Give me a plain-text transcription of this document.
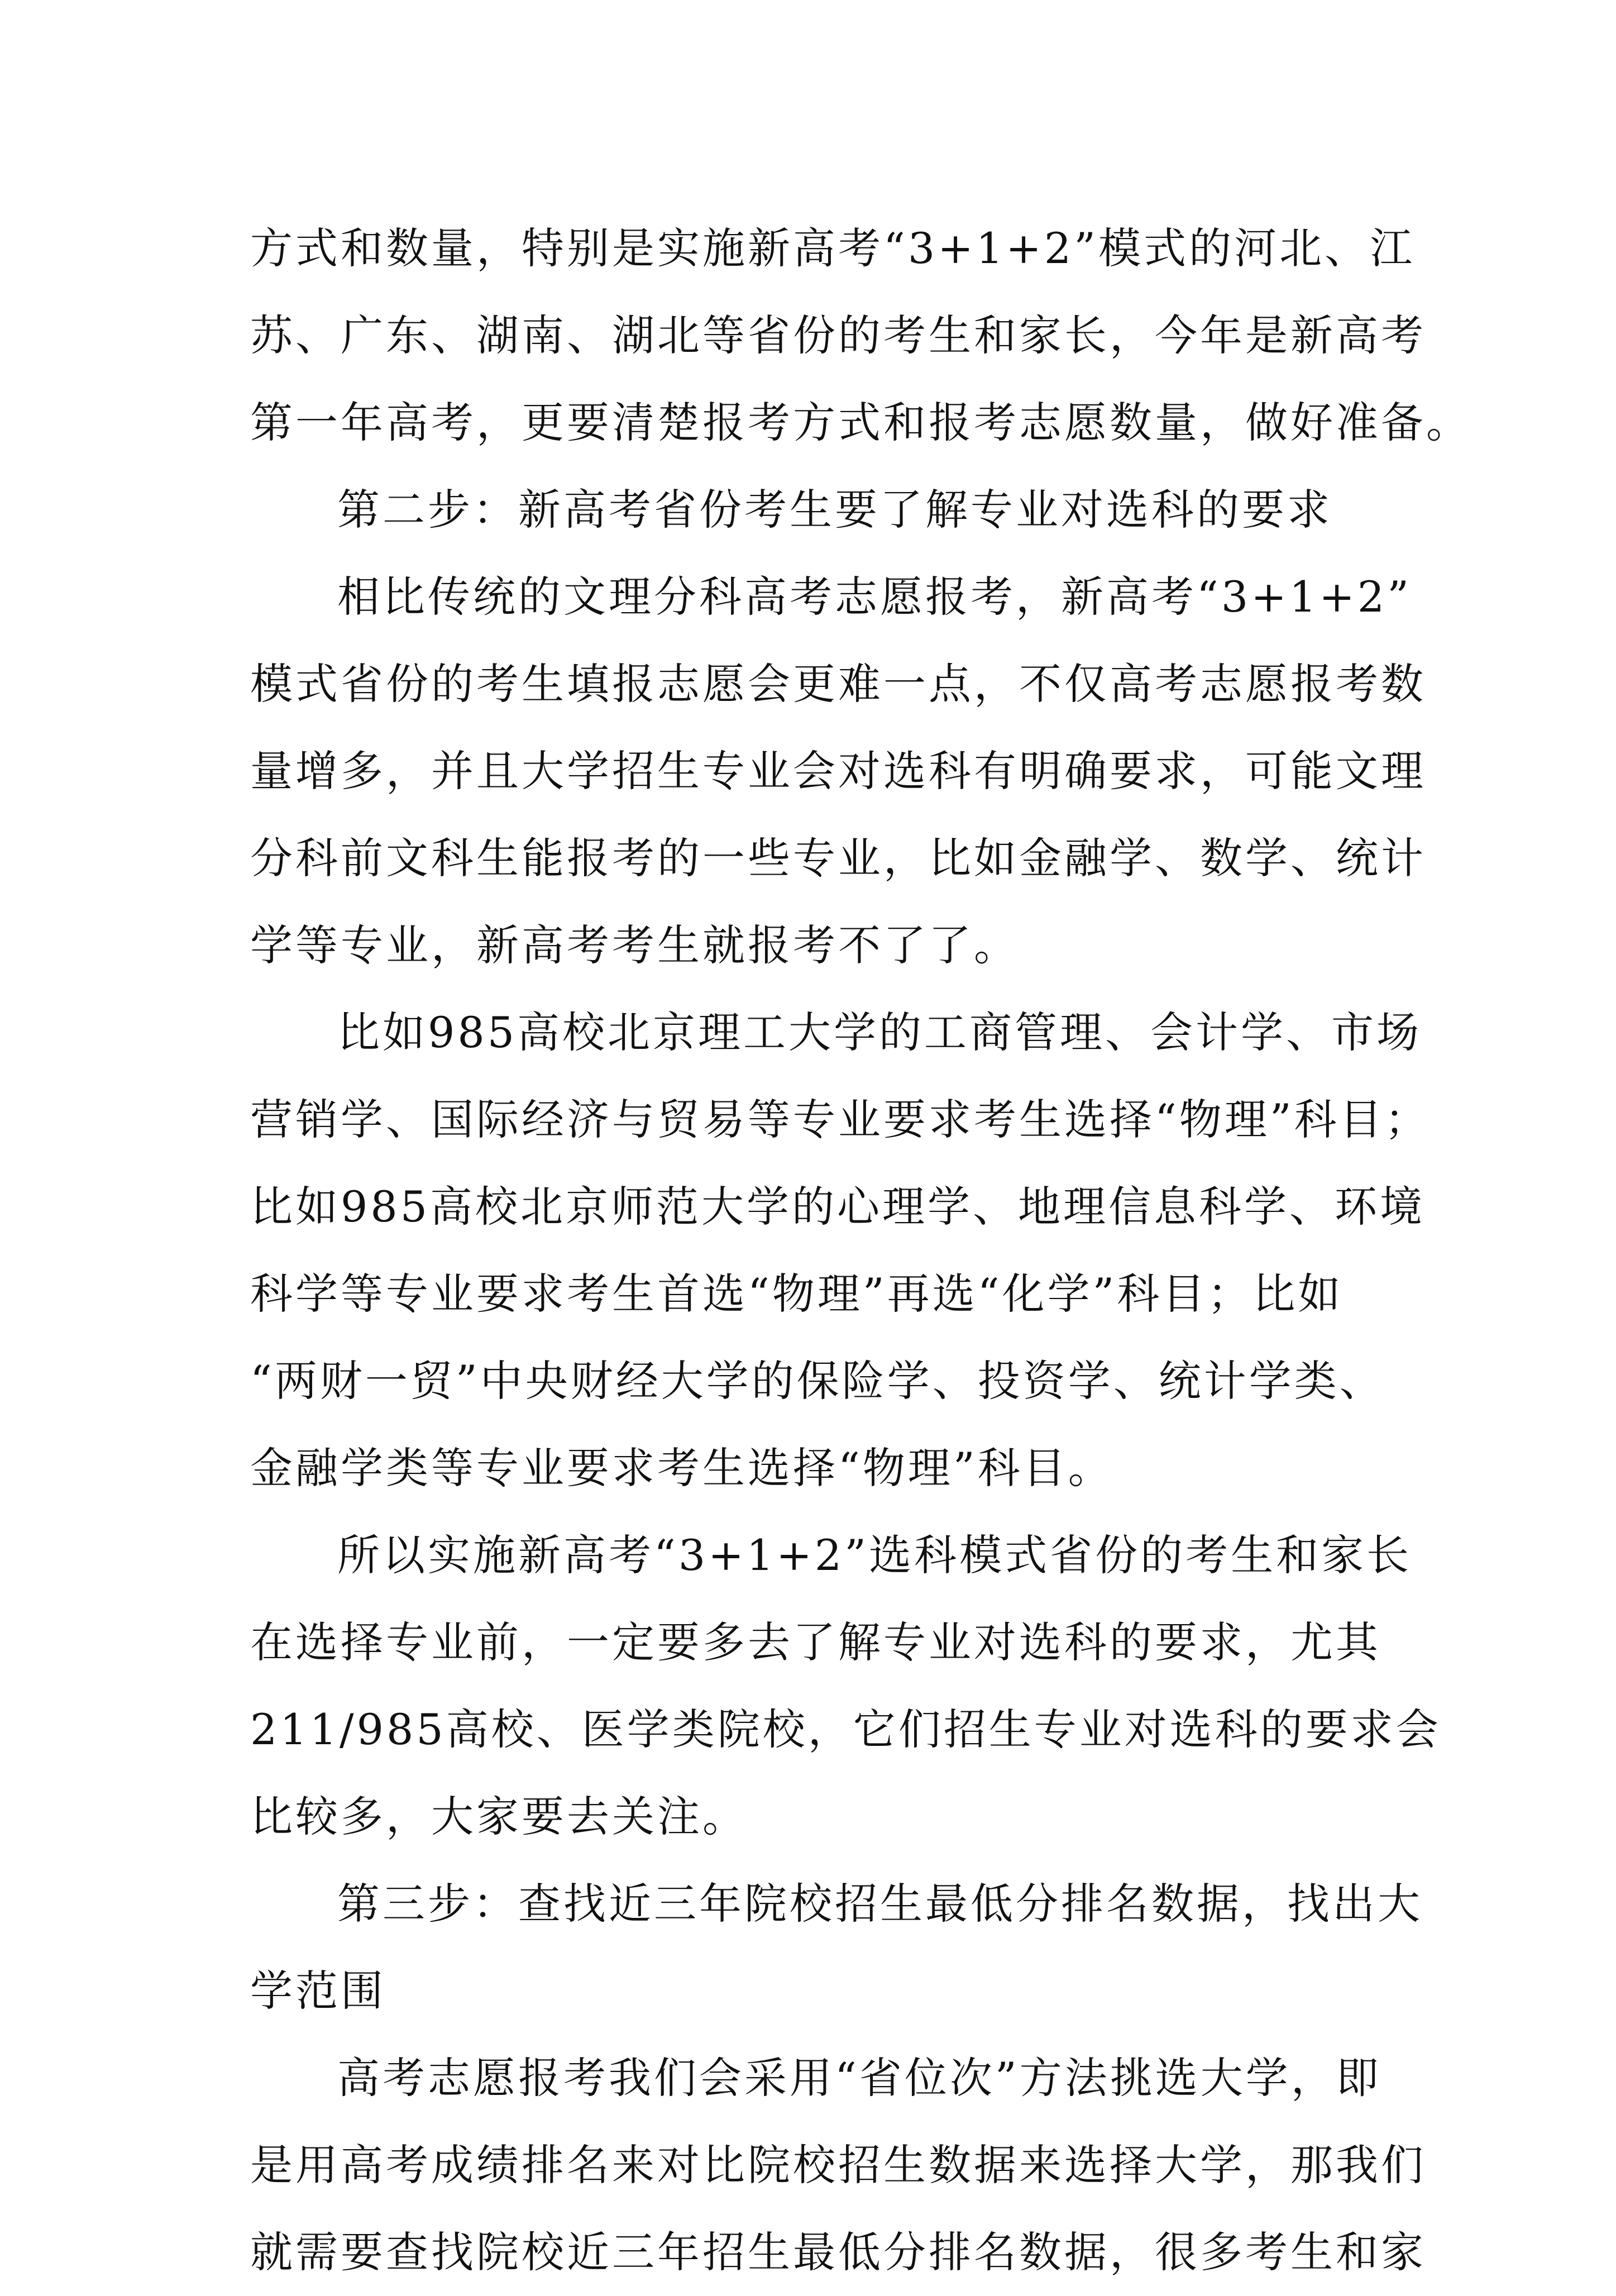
方式和数量，特别是实施新高考“3+1+2”模式的河北、江
苏、广东、湖南、湖北等省份的考生和家长，今年是新高考
第一年高考，更要清楚报考方式和报考志愿数量，做好准备。
第二步：新高考省份考生要了解专业对选科的要求
相比传统的文理分科高考志愿报考，新高考“3+1+2”
模式省份的考生填报志愿会更难一点，不仅高考志愿报考数
量增多，并且大学招生专业会对选科有明确要求，可能文理
分科前文科生能报考的一些专业，比如金融学、数学、统计
学等专业，新高考考生就报考不了了。
比如985高校北京理工大学的工商管理、会计学、市场
营销学、国际经济与贸易等专业要求考生选择“物理”科目；
比如985高校北京师范大学的心理学、地理信息科学、环境
科学等专业要求考生首选“物理”再选“化学”科目；比如
“两财一贸”中央财经大学的保险学、投资学、统计学类、
金融学类等专业要求考生选择“物理”科目。
所以实施新高考“3+1+2”选科模式省份的考生和家长
在选择专业前，一定要多去了解专业对选科的要求，尤其
211/985高校、医学类院校，它们招生专业对选科的要求会
比较多，大家要去关注。
第三步：查找近三年院校招生最低分排名数据，找出大
学范围
高考志愿报考我们会采用“省位次”方法挑选大学，即
是用高考成绩排名来对比院校招生数据来选择大学，那我们
就需要查找院校近三年招生最低分排名数据，很多考生和家
